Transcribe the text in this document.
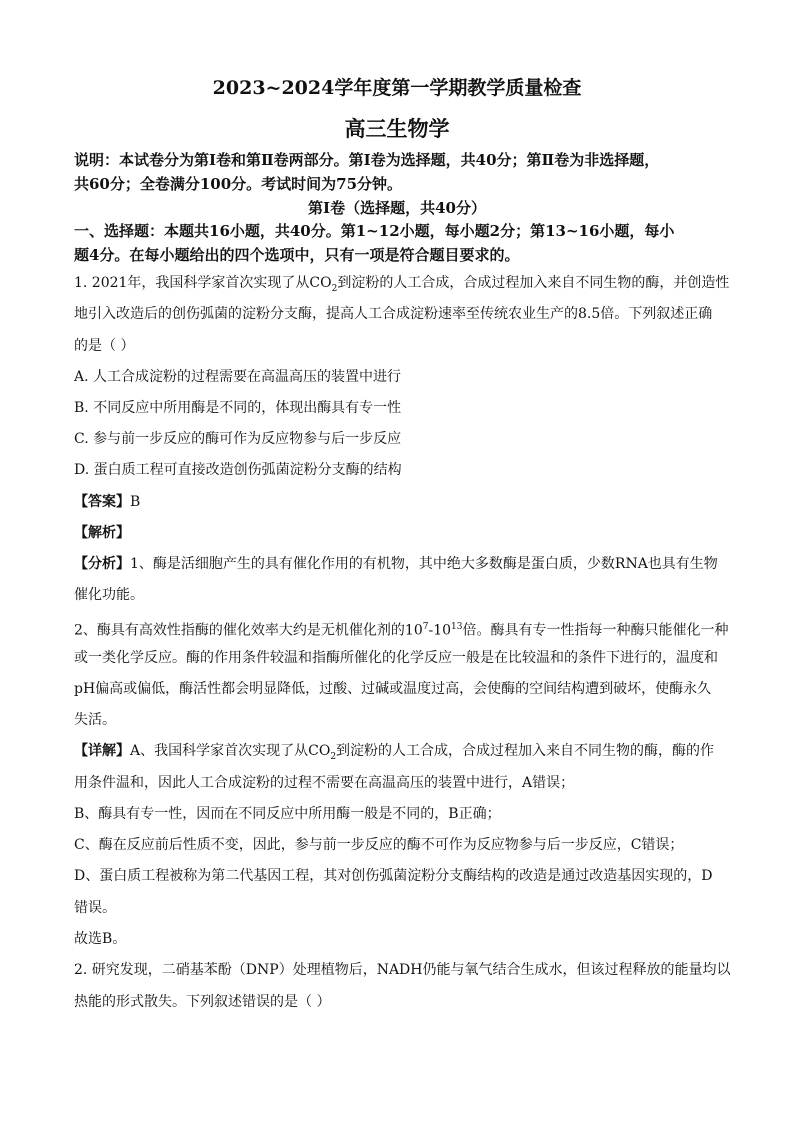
2023~2024学年度第一学期教学质量检查
高三生物学
说明：本试卷分为第Ⅰ卷和第Ⅱ卷两部分。第Ⅰ卷为选择题，共40分；第Ⅱ卷为非选择题，
共60分；全卷满分100分。考试时间为75分钟。
第Ⅰ卷（选择题，共40分）
一、选择题：本题共16小题，共40分。第1~12小题，每小题2分；第13~16小题，每小
题4分。在每小题给出的四个选项中，只有一项是符合题目要求的。
1. 2021年，我国科学家首次实现了从$CO_2$到淀粉的人工合成，合成过程加入来自不同生物的酶，并创造性
地引入改造后的创伤弧菌的淀粉分支酶，提高人工合成淀粉速率至传统农业生产的8.5倍。下列叙述正确
的是（ ）
A. 人工合成淀粉的过程需要在高温高压的装置中进行
B. 不同反应中所用酶是不同的，体现出酶具有专一性
C. 参与前一步反应的酶可作为反应物参与后一步反应
D. 蛋白质工程可直接改造创伤弧菌淀粉分支酶的结构
【答案】B
【解析】
【分析】1、酶是活细胞产生的具有催化作用的有机物，其中绝大多数酶是蛋白质，少数RNA也具有生物
催化功能。
2、酶具有高效性指酶的催化效率大约是无机催化剂的$10^7-10^{13}$倍。酶具有专一性指每一种酶只能催化一种
或一类化学反应。酶的作用条件较温和指酶所催化的化学反应一般是在比较温和的条件下进行的，温度和
pH偏高或偏低，酶活性都会明显降低，过酸、过碱或温度过高，会使酶的空间结构遭到破坏，使酶永久
失活。
【详解】A、我国科学家首次实现了从$CO_2$到淀粉的人工合成，合成过程加入来自不同生物的酶，酶的作
用条件温和，因此人工合成淀粉的过程不需要在高温高压的装置中进行，A错误；
B、酶具有专一性，因而在不同反应中所用酶一般是不同的，B正确；
C、酶在反应前后性质不变，因此，参与前一步反应的酶不可作为反应物参与后一步反应，C错误；
D、蛋白质工程被称为第二代基因工程，其对创伤弧菌淀粉分支酶结构的改造是通过改造基因实现的，D
错误。
故选B。
2. 研究发现，二硝基苯酚（DNP）处理植物后，NADH仍能与氧气结合生成水，但该过程释放的能量均以
热能的形式散失。下列叙述错误的是（ ）
